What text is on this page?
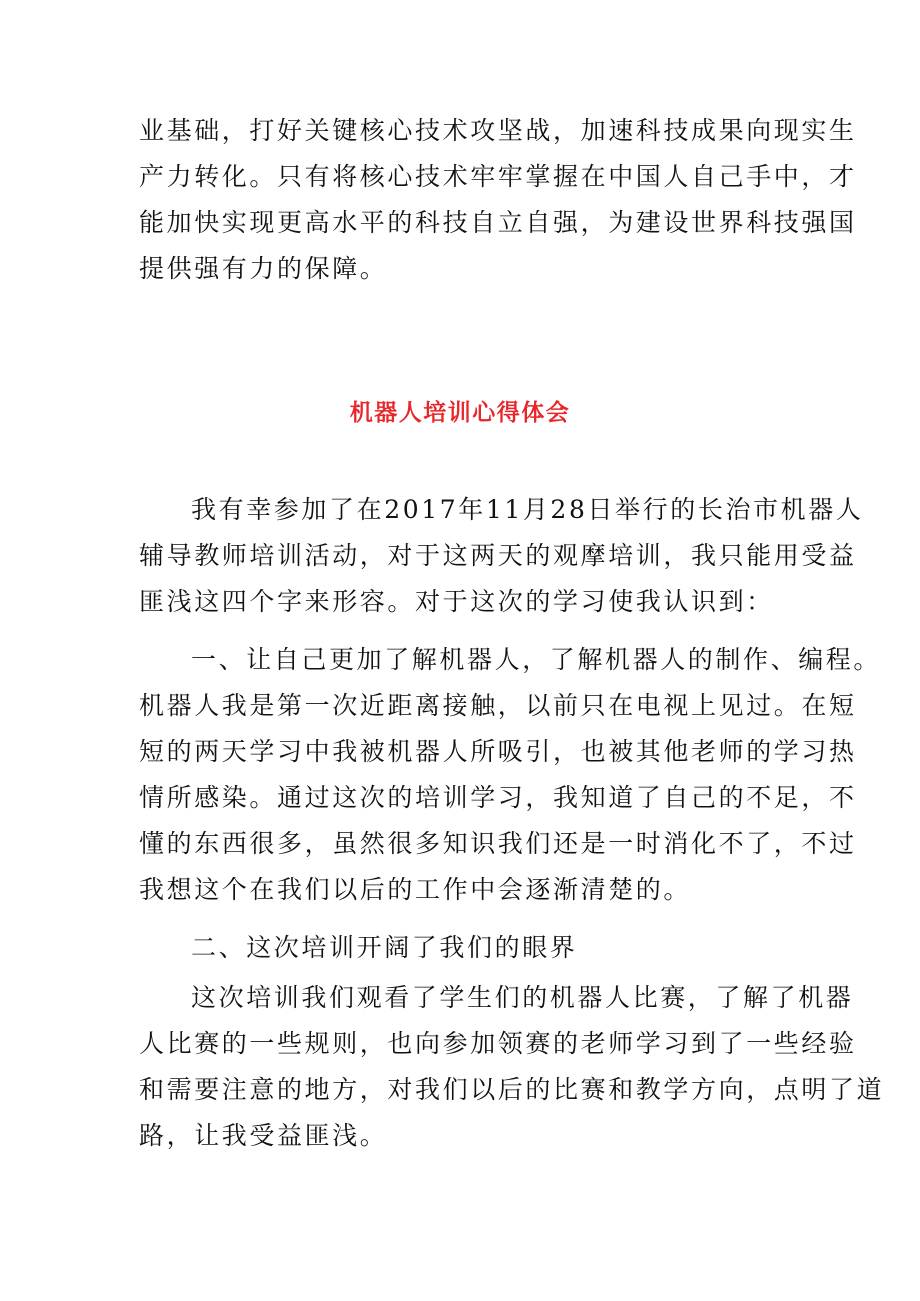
业基础，打好关键核心技术攻坚战，加速科技成果向现实生
产力转化。只有将核心技术牢牢掌握在中国人自己手中，才
能加快实现更高水平的科技自立自强，为建设世界科技强国
提供强有力的保障。
机器人培训心得体会
我有幸参加了在2017年11月28日举行的长治市机器人
辅导教师培训活动，对于这两天的观摩培训，我只能用受益
匪浅这四个字来形容。对于这次的学习使我认识到：
一、让自己更加了解机器人，了解机器人的制作、编程。
机器人我是第一次近距离接触，以前只在电视上见过。在短
短的两天学习中我被机器人所吸引，也被其他老师的学习热
情所感染。通过这次的培训学习，我知道了自己的不足，不
懂的东西很多，虽然很多知识我们还是一时消化不了，不过
我想这个在我们以后的工作中会逐渐清楚的。
二、这次培训开阔了我们的眼界
这次培训我们观看了学生们的机器人比赛，了解了机器
人比赛的一些规则，也向参加领赛的老师学习到了一些经验
和需要注意的地方，对我们以后的比赛和教学方向，点明了道
路，让我受益匪浅。
